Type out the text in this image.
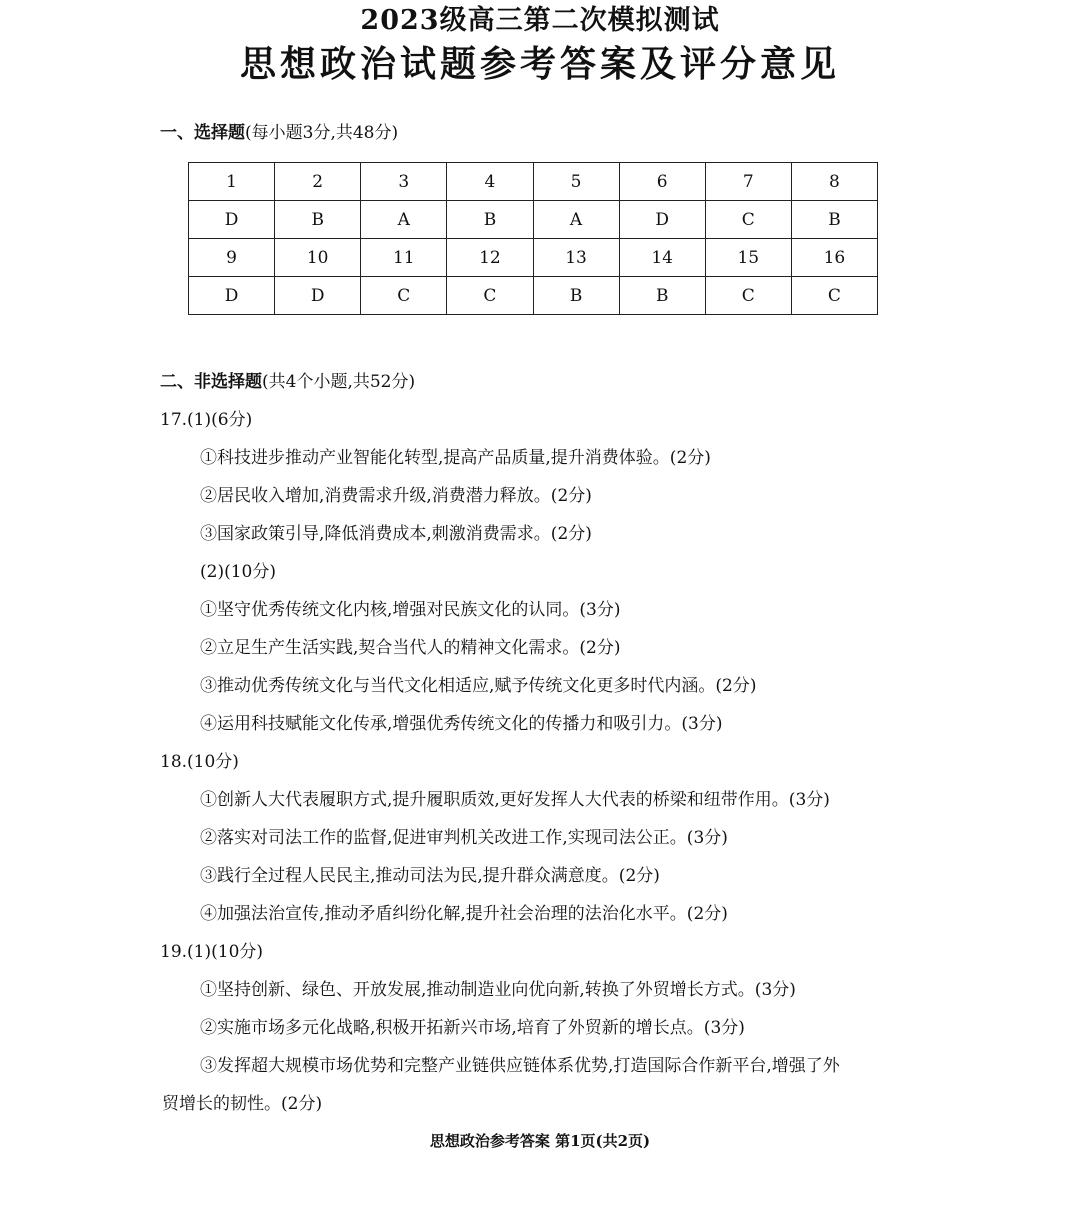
2023级高三第二次模拟测试
思想政治试题参考答案及评分意见
一、选择题(每小题3分,共48分)
1	2	3	4	5	6	7	8
D	B	A	B	A	D	C	B
9	10	11	12	13	14	15	16
D	D	C	C	B	B	C	C
二、非选择题(共4个小题,共52分)
17.(1)(6分)
①科技进步推动产业智能化转型,提高产品质量,提升消费体验。(2分)
②居民收入增加,消费需求升级,消费潜力释放。(2分)
③国家政策引导,降低消费成本,刺激消费需求。(2分)
(2)(10分)
①坚守优秀传统文化内核,增强对民族文化的认同。(3分)
②立足生产生活实践,契合当代人的精神文化需求。(2分)
③推动优秀传统文化与当代文化相适应,赋予传统文化更多时代内涵。(2分)
④运用科技赋能文化传承,增强优秀传统文化的传播力和吸引力。(3分)
18.(10分)
①创新人大代表履职方式,提升履职质效,更好发挥人大代表的桥梁和纽带作用。(3分)
②落实对司法工作的监督,促进审判机关改进工作,实现司法公正。(3分)
③践行全过程人民民主,推动司法为民,提升群众满意度。(2分)
④加强法治宣传,推动矛盾纠纷化解,提升社会治理的法治化水平。(2分)
19.(1)(10分)
①坚持创新、绿色、开放发展,推动制造业向优向新,转换了外贸增长方式。(3分)
②实施市场多元化战略,积极开拓新兴市场,培育了外贸新的增长点。(3分)
③发挥超大规模市场优势和完整产业链供应链体系优势,打造国际合作新平台,增强了外
贸增长的韧性。(2分)
思想政治参考答案 第1页(共2页)
